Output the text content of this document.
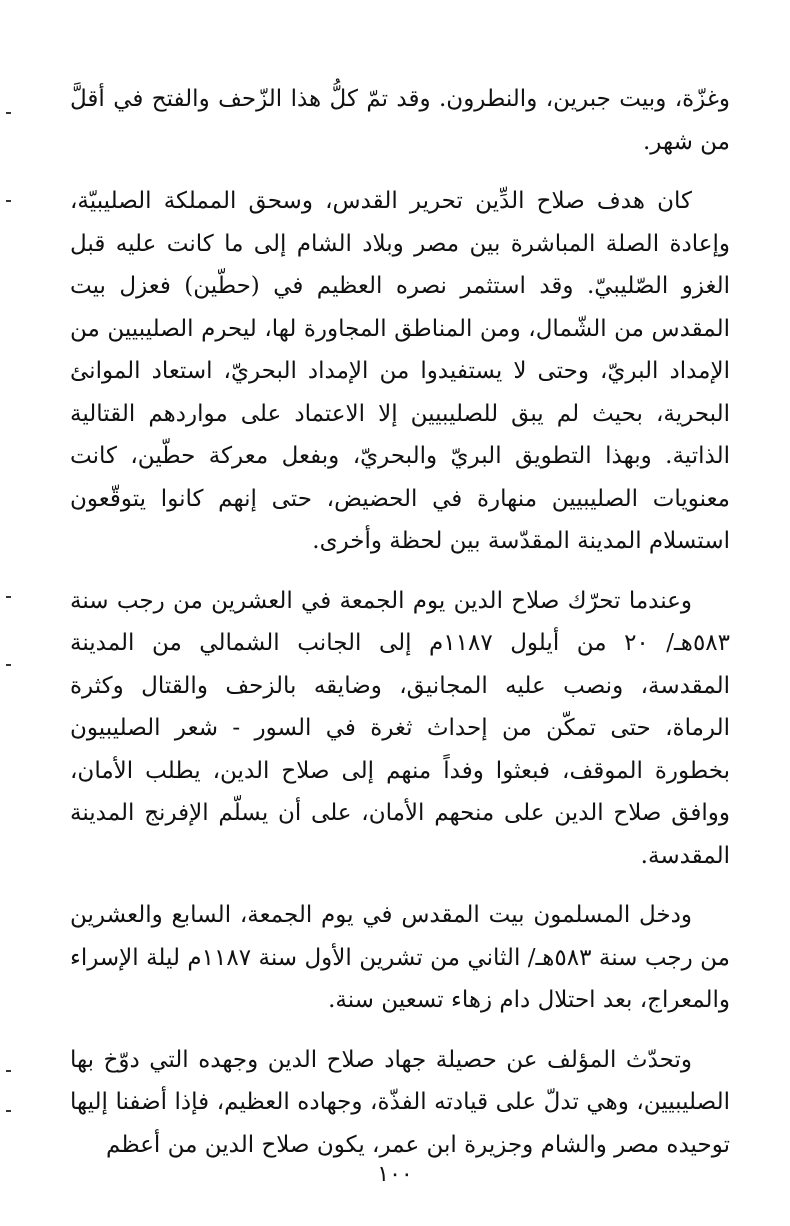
وغزّة، وبيت جبرين، والنطرون. وقد تمّ كلُّ هذا الزّحف والفتح في أقلَّ من شهر.

كان هدف صلاح الدِّين تحرير القدس، وسحق المملكة الصليبيّة، وإعادة الصلة المباشرة بين مصر وبلاد الشام إلى ما كانت عليه قبل الغزو الصّليبيّ. وقد استثمر نصره العظيم في (حطّين) فعزل بيت المقدس من الشّمال، ومن المناطق المجاورة لها، ليحرم الصليبيين من الإمداد البريّ، وحتى لا يستفيدوا من الإمداد البحريّ، استعاد الموانئ البحرية، بحيث لم يبق للصليبيين إلا الاعتماد على مواردهم القتالية الذاتية. وبهذا التطويق البريّ والبحريّ، وبفعل معركة حطّين، كانت معنويات الصليبيين منهارة في الحضيض، حتى إنهم كانوا يتوقّعون استسلام المدينة المقدّسة بين لحظة وأخرى.

وعندما تحرّك صلاح الدين يوم الجمعة في العشرين من رجب سنة ٥٨٣هـ/ ٢٠ من أيلول ١١٨٧م إلى الجانب الشمالي من المدينة المقدسة، ونصب عليه المجانيق، وضايقه بالزحف والقتال وكثرة الرماة، حتى تمكّن من إحداث ثغرة في السور - شعر الصليبيون بخطورة الموقف، فبعثوا وفداً منهم إلى صلاح الدين، يطلب الأمان، ووافق صلاح الدين على منحهم الأمان، على أن يسلّم الإفرنج المدينة المقدسة.

ودخل المسلمون بيت المقدس في يوم الجمعة، السابع والعشرين من رجب سنة ٥٨٣هـ/ الثاني من تشرين الأول سنة ١١٨٧م ليلة الإسراء والمعراج، بعد احتلال دام زهاء تسعين سنة.

وتحدّث المؤلف عن حصيلة جهاد صلاح الدين وجهده التي دوّخ بها الصليبيين، وهي تدلّ على قيادته الفذّة، وجهاده العظيم، فإذا أضفنا إليها توحيده مصر والشام وجزيرة ابن عمر، يكون صلاح الدين من أعظم

١٠٠
